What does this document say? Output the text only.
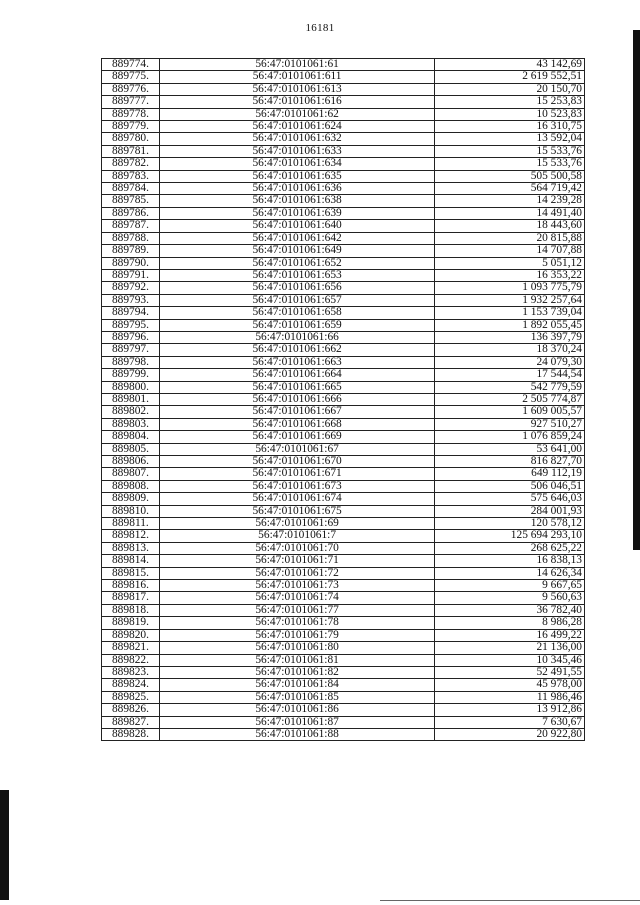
16181
889774.	56:47:0101061:61	43 142,69
889775.	56:47:0101061:611	2 619 552,51
889776.	56:47:0101061:613	20 150,70
889777.	56:47:0101061:616	15 253,83
889778.	56:47:0101061:62	10 523,83
889779.	56:47:0101061:624	16 310,75
889780.	56:47:0101061:632	13 592,04
889781.	56:47:0101061:633	15 533,76
889782.	56:47:0101061:634	15 533,76
889783.	56:47:0101061:635	505 500,58
889784.	56:47:0101061:636	564 719,42
889785.	56:47:0101061:638	14 239,28
889786.	56:47:0101061:639	14 491,40
889787.	56:47:0101061:640	18 443,60
889788.	56:47:0101061:642	20 815,88
889789.	56:47:0101061:649	14 707,88
889790.	56:47:0101061:652	5 051,12
889791.	56:47:0101061:653	16 353,22
889792.	56:47:0101061:656	1 093 775,79
889793.	56:47:0101061:657	1 932 257,64
889794.	56:47:0101061:658	1 153 739,04
889795.	56:47:0101061:659	1 892 055,45
889796.	56:47:0101061:66	136 397,79
889797.	56:47:0101061:662	18 370,24
889798.	56:47:0101061:663	24 079,30
889799.	56:47:0101061:664	17 544,54
889800.	56:47:0101061:665	542 779,59
889801.	56:47:0101061:666	2 505 774,87
889802.	56:47:0101061:667	1 609 005,57
889803.	56:47:0101061:668	927 510,27
889804.	56:47:0101061:669	1 076 859,24
889805.	56:47:0101061:67	53 641,00
889806.	56:47:0101061:670	816 827,70
889807.	56:47:0101061:671	649 112,19
889808.	56:47:0101061:673	506 046,51
889809.	56:47:0101061:674	575 646,03
889810.	56:47:0101061:675	284 001,93
889811.	56:47:0101061:69	120 578,12
889812.	56:47:0101061:7	125 694 293,10
889813.	56:47:0101061:70	268 625,22
889814.	56:47:0101061:71	16 838,13
889815.	56:47:0101061:72	14 626,34
889816.	56:47:0101061:73	9 667,65
889817.	56:47:0101061:74	9 560,63
889818.	56:47:0101061:77	36 782,40
889819.	56:47:0101061:78	8 986,28
889820.	56:47:0101061:79	16 499,22
889821.	56:47:0101061:80	21 136,00
889822.	56:47:0101061:81	10 345,46
889823.	56:47:0101061:82	52 491,55
889824.	56:47:0101061:84	45 978,00
889825.	56:47:0101061:85	11 986,46
889826.	56:47:0101061:86	13 912,86
889827.	56:47:0101061:87	7 630,67
889828.	56:47:0101061:88	20 922,80
